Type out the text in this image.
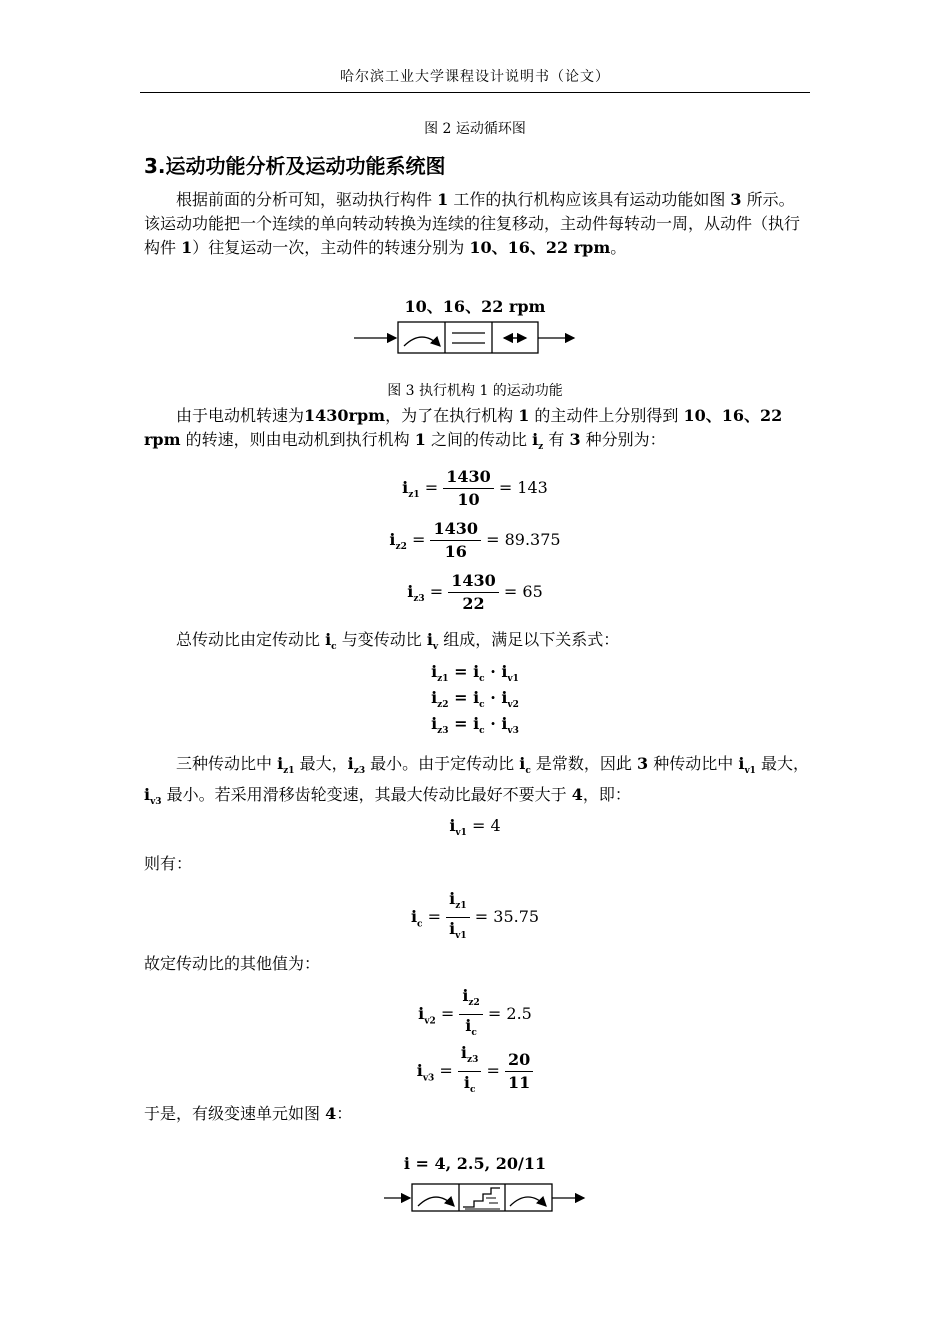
哈尔滨工业大学课程设计说明书（论文）
图 2 运动循环图
3.运动功能分析及运动功能系统图

根据前面的分析可知，驱动执行构件 1 工作的执行机构应该具有运动功能如图 3 所示。该运动功能把一个连续的单向转动转换为连续的往复移动，主动件每转动一周，从动件（执行构件 1）往复运动一次，主动件的转速分别为 10、16、22 rpm。

10、16、22 rpm
图 3 执行机构 1 的运动功能

由于电动机转速为1430rpm，为了在执行机构 1 的主动件上分别得到 10、16、22 rpm 的转速，则由电动机到执行机构 1 之间的传动比 $i_z$ 有 3 种分别为：

$i_{z1} = \frac{1430}{10} = 143$
$i_{z2} = \frac{1430}{16} = 89.375$
$i_{z3} = \frac{1430}{22} = 65$

总传动比由定传动比 $i_c$ 与变传动比 $i_v$ 组成，满足以下关系式：

$i_{z1} = i_c \cdot i_{v1}$
$i_{z2} = i_c \cdot i_{v2}$
$i_{z3} = i_c \cdot i_{v3}$

三种传动比中 $i_{z1}$ 最大，$i_{z3}$ 最小。由于定传动比 $i_c$ 是常数，因此 3 种传动比中 $i_{v1}$ 最大，$i_{v3}$ 最小。若采用滑移齿轮变速，其最大传动比最好不要大于 4，即：

$i_{v1} = 4$

则有：

$i_c = \frac{i_{z1}}{i_{v1}} = 35.75$

故定传动比的其他值为：

$i_{v2} = \frac{i_{z2}}{i_c} = 2.5$
$i_{v3} = \frac{i_{z3}}{i_c} = \frac{20}{11}$

于是，有级变速单元如图 4：

i = 4, 2.5, 20/11
